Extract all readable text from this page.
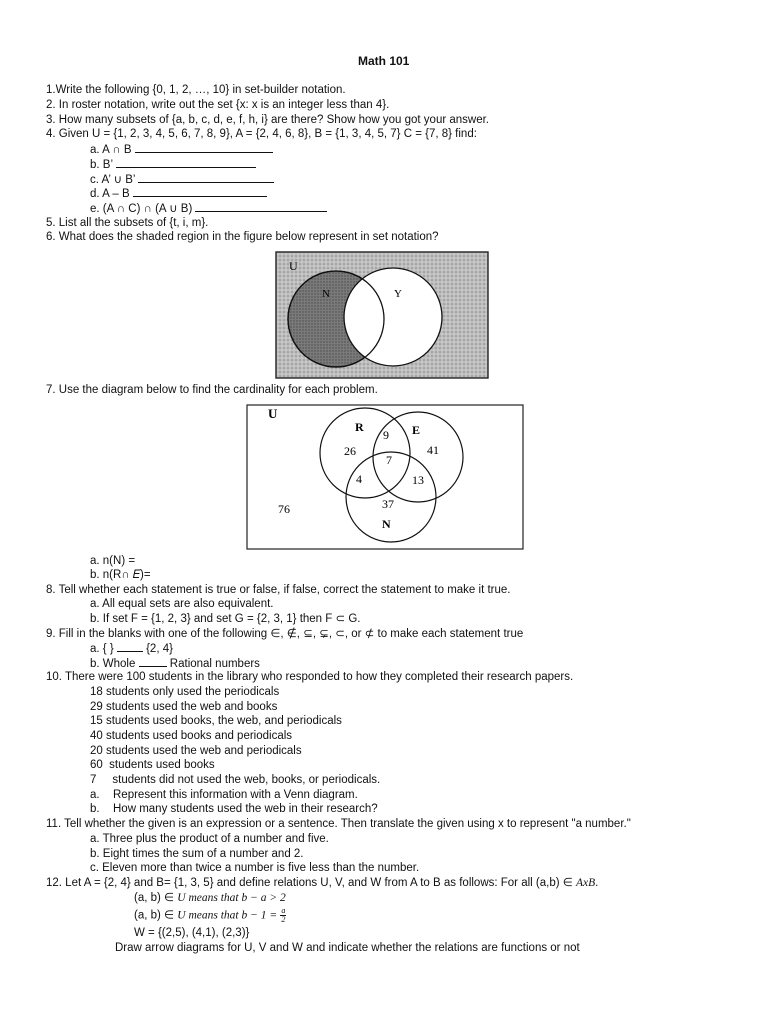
Math 101
1.Write the following {0, 1, 2, …, 10} in set-builder notation.
2. In roster notation, write out the set {x: x is an integer less than 4}.
3. How many subsets of {a, b, c, d, e, f, h, i} are there? Show how you got your answer.
4. Given U = {1, 2, 3, 4, 5, 6, 7, 8, 9}, A = {2, 4, 6, 8}, B = {1, 3, 4, 5, 7} C = {7, 8} find:
a. A ∩ B
b. B’
c. A’ ∪ B’
d. A – B
e. (A ∩ C) ∩ (A ∪ B)
5. List all the subsets of {t, i, m}.
6. What does the shaded region in the figure below represent in set notation?
U
N	Y
7. Use the diagram below to find the cardinality for each problem.
U
R	E
N
26
9
41
7
4	13
37
76
a. n(N) =
b. n(R∩ 𝐸)=
8. Tell whether each statement is true or false, if false, correct the statement to make it true.
a. All equal sets are also equivalent.
b. If set F = {1, 2, 3} and set G = {2, 3, 1} then F ⊂ G.
9. Fill in the blanks with one of the following ∈, ∉, ⊆, ⊊, ⊂, or ⊄ to make each statement true
a. { }	{2, 4}
b. Whole	Rational numbers
10. There were 100 students in the library who responded to how they completed their research papers.
18 students only used the periodicals
29 students used the web and books
15 students used books, the web, and periodicals
40 students used books and periodicals
20 students used the web and periodicals
60  students used books
7     students did not used the web, books, or periodicals.
a. Represent this information with a Venn diagram.
b. How many students used the web in their research?
11. Tell whether the given is an expression or a sentence. Then translate the given using x to represent "a number."
a. Three plus the product of a number and five.
b. Eight times the sum of a number and 2.
c. Eleven more than twice a number is five less than the number.
12. Let A = {2, 4} and B= {1, 3, 5} and define relations U, V, and W from A to B as follows: For all (a,b) ∈ AxB.
(a, b) ∈ U means that b − a > 2
(a, b) ∈ U means that $b - 1 = \frac{a}{2}$
W = {(2,5), (4,1), (2,3)}
Draw arrow diagrams for U, V and W and indicate whether the relations are functions or not
